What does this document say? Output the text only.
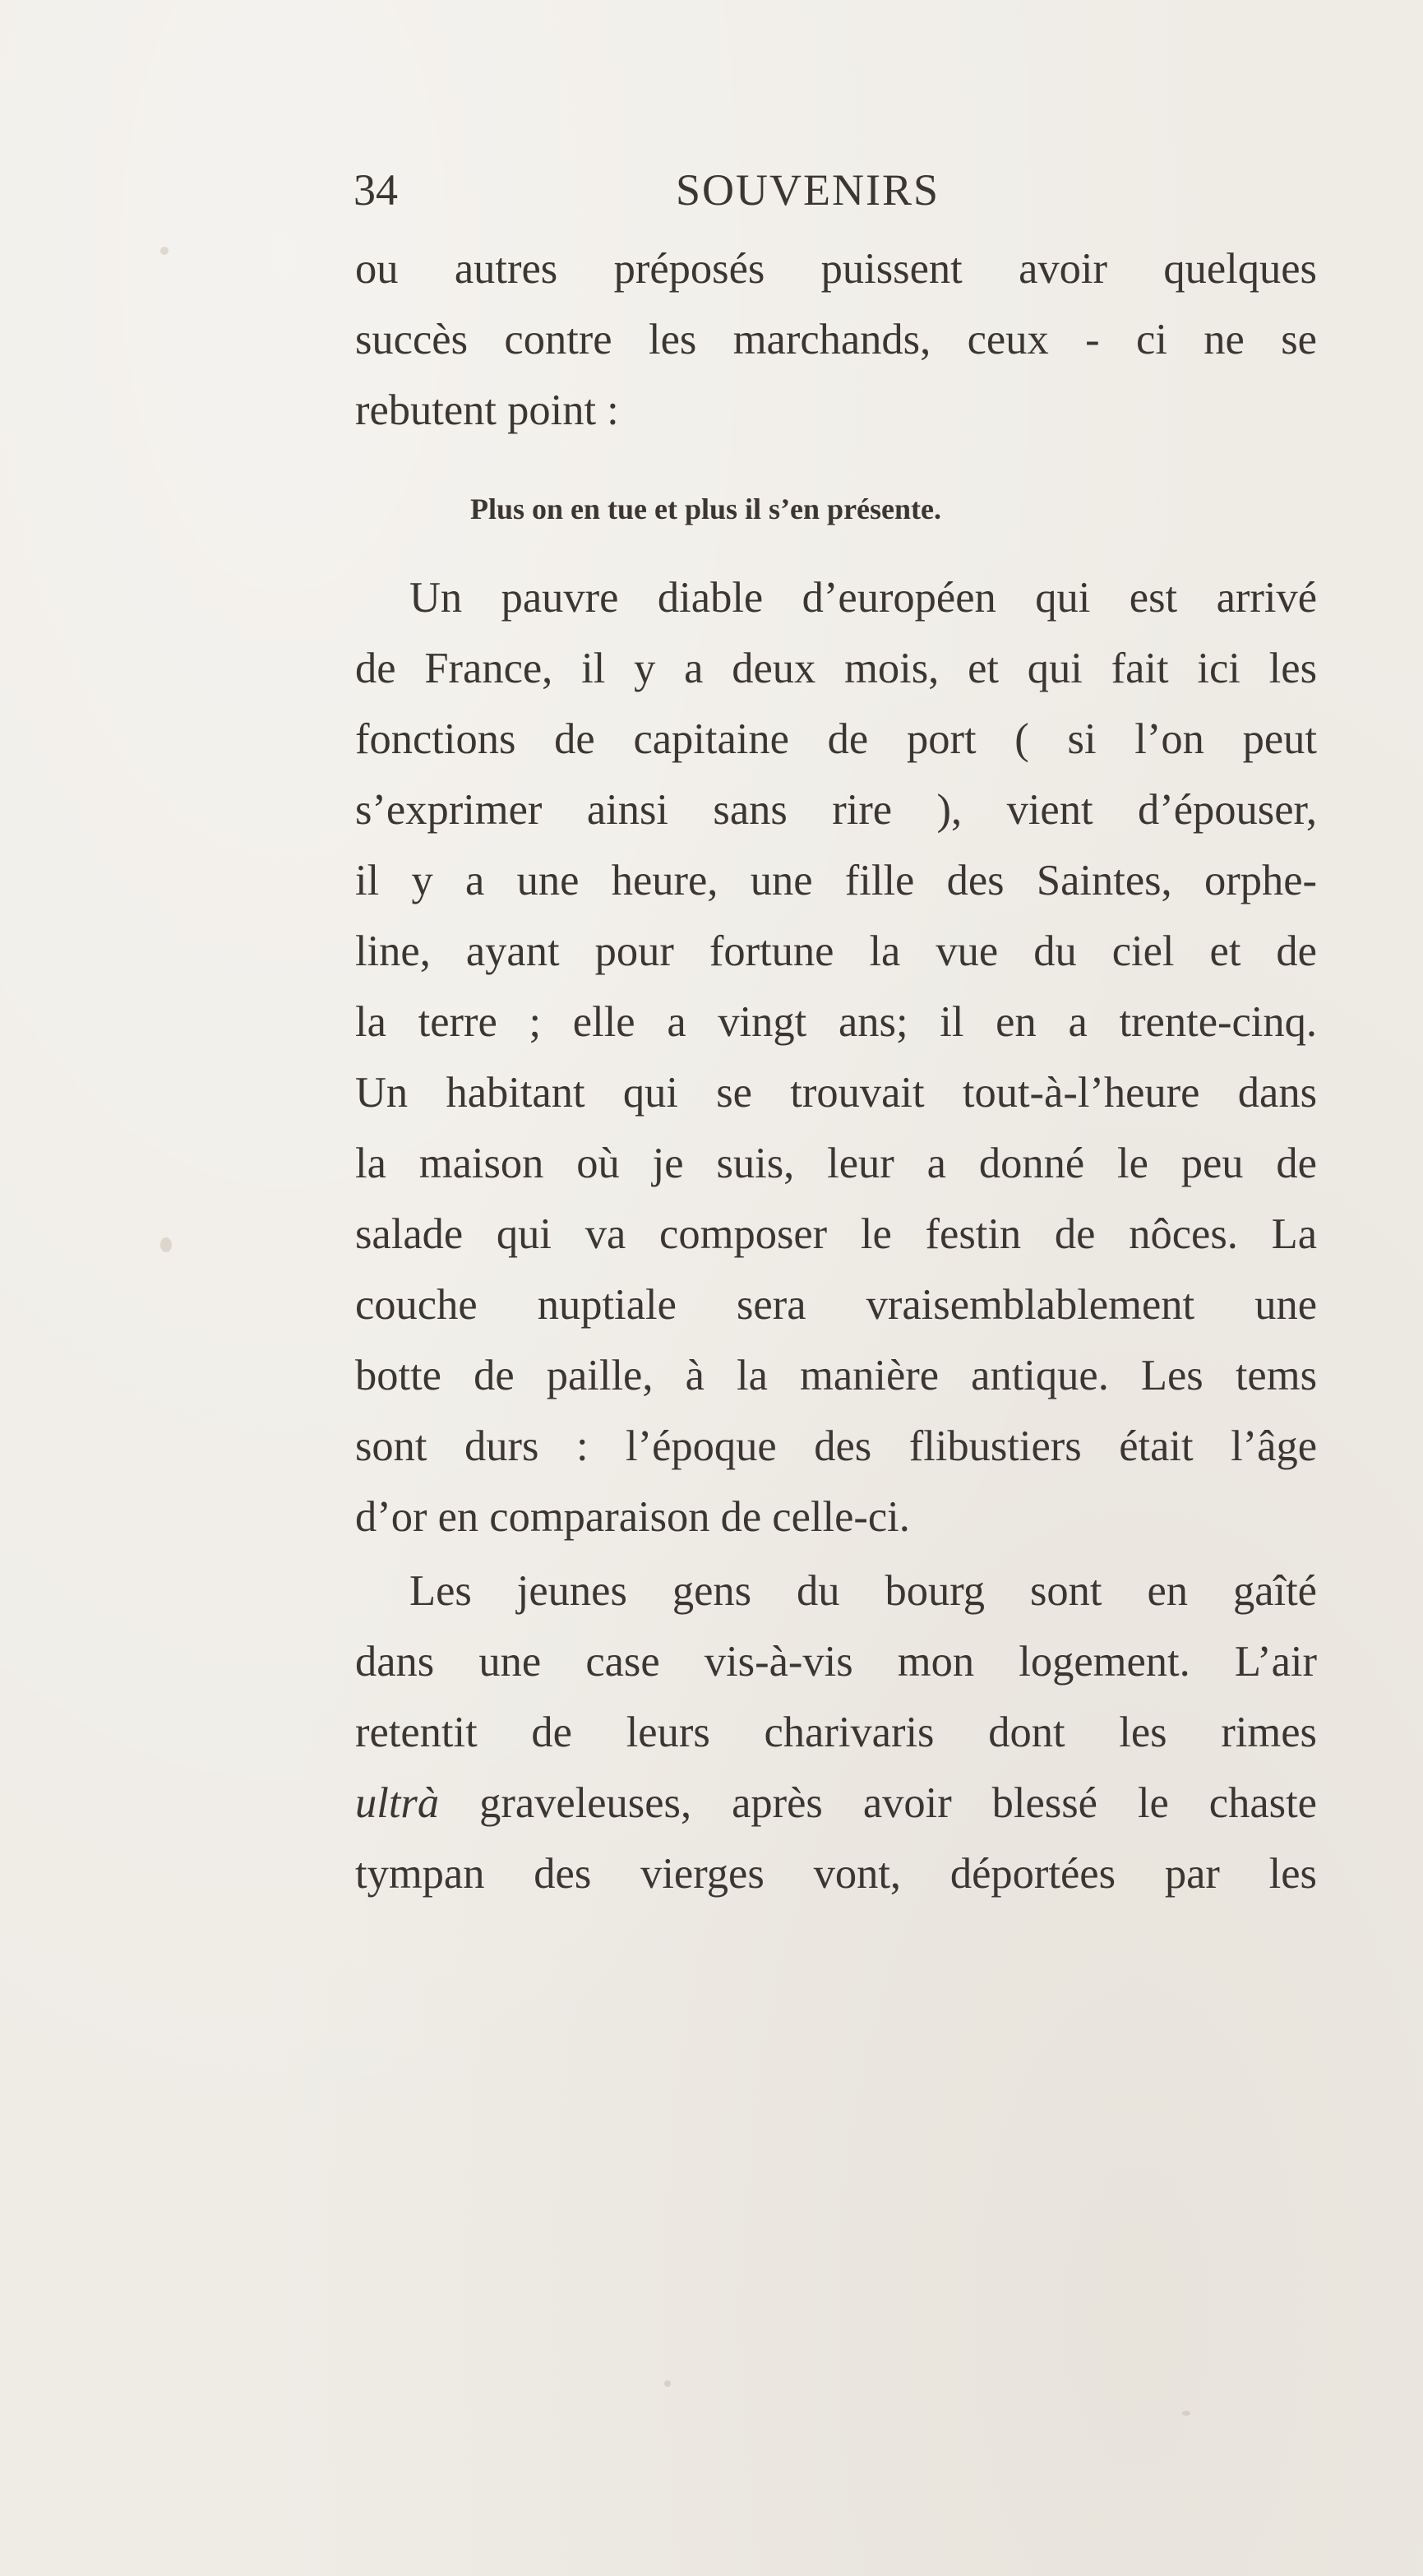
34	SOUVENIRS
ou autres préposés puissent avoir quelques
succès contre les marchands, ceux - ci ne se
rebutent point :
Plus on en tue et plus il s’en présente.
Un pauvre diable d’européen qui est arrivé
de France, il y a deux mois, et qui fait ici les
fonctions de capitaine de port ( si l’on peut
s’exprimer ainsi sans rire ), vient d’épouser,
il y a une heure, une fille des Saintes, orphe-
line, ayant pour fortune la vue du ciel et de
la terre ; elle a vingt ans; il en a trente-cinq.
Un habitant qui se trouvait tout-à-l’heure dans
la maison où je suis, leur a donné le peu de
salade qui va composer le festin de nôces. La
couche nuptiale sera vraisemblablement une
botte de paille, à la manière antique. Les tems
sont durs : l’époque des flibustiers était l’âge
d’or en comparaison de celle-ci.
Les jeunes gens du bourg sont en gaîté
dans une case vis-à-vis mon logement. L’air
retentit de leurs charivaris dont les rimes
ultrà graveleuses, après avoir blessé le chaste
tympan des vierges vont, déportées par les
